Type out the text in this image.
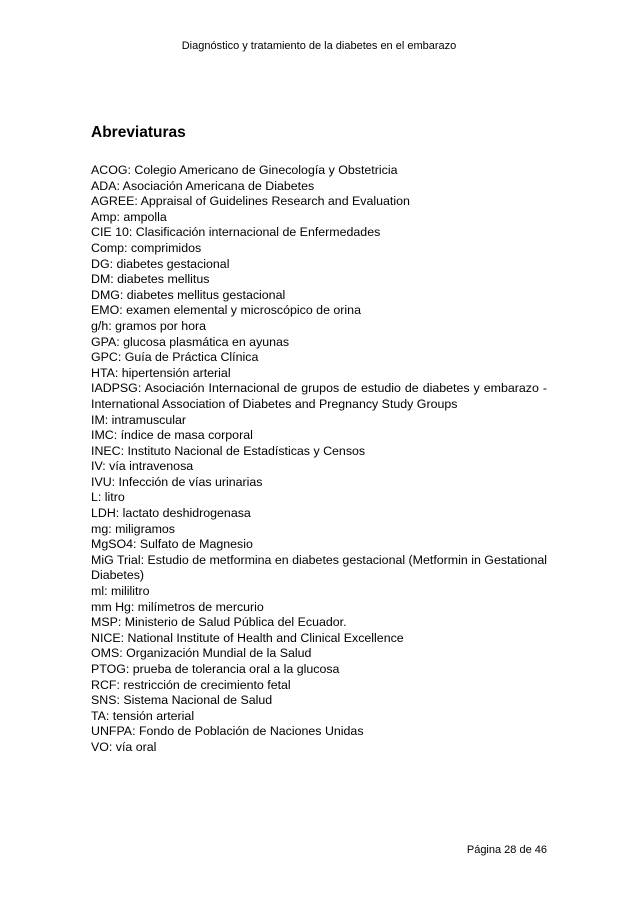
Diagnóstico y tratamiento de la diabetes en el embarazo
Abreviaturas
ACOG: Colegio Americano de Ginecología y Obstetricia
ADA: Asociación Americana de Diabetes
AGREE: Appraisal of Guidelines Research and Evaluation
Amp: ampolla
CIE 10: Clasificación internacional de Enfermedades
Comp: comprimidos
DG: diabetes gestacional
DM: diabetes mellitus
DMG: diabetes mellitus gestacional
EMO: examen elemental y microscópico de orina
g/h: gramos por hora
GPA: glucosa plasmática en ayunas
GPC: Guía de Práctica Clínica
HTA: hipertensión arterial
IADPSG: Asociación Internacional de grupos de estudio de diabetes y embarazo - International Association of Diabetes and Pregnancy Study Groups
IM: intramuscular
IMC: índice de masa corporal
INEC: Instituto Nacional de Estadísticas y Censos
IV: vía intravenosa
IVU: Infección de vías urinarias
L: litro
LDH: lactato deshidrogenasa
mg: miligramos
MgSO4: Sulfato de Magnesio
MiG Trial: Estudio de metformina en diabetes gestacional (Metformin in Gestational Diabetes)
ml: mililitro
mm Hg: milímetros de mercurio
MSP: Ministerio de Salud Pública del Ecuador.
NICE: National Institute of Health and Clinical Excellence
OMS: Organización Mundial de la Salud
PTOG: prueba de tolerancia oral a la glucosa
RCF: restricción de crecimiento fetal
SNS: Sistema Nacional de Salud
TA: tensión arterial
UNFPA: Fondo de Población de Naciones Unidas
VO: vía oral
Página 28 de 46
